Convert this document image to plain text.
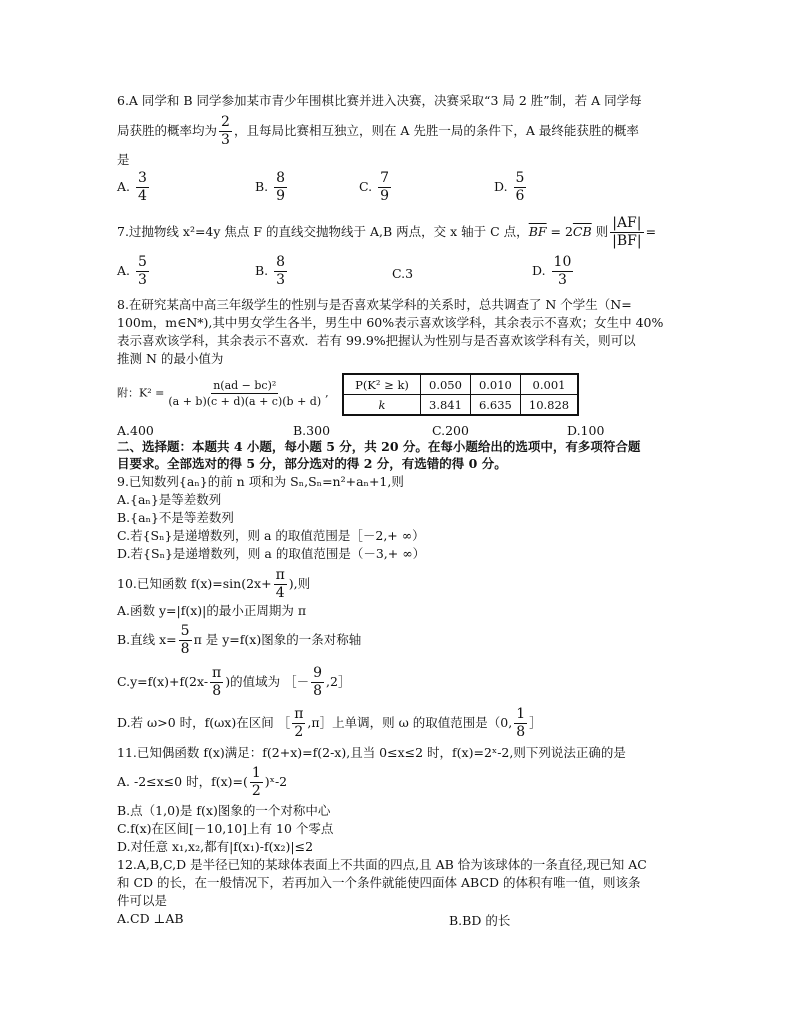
6.A 同学和 B 同学参加某市青少年围棋比赛并进入决赛，决赛采取“3 局 2 胜”制，若 A 同学每
局获胜的概率均为 $\frac{2}{3}$ ，且每局比赛相互独立，则在 A 先胜一局的条件下，A 最终能获胜的概率
是
A. $\frac{3}{4}$	B. $\frac{8}{9}$	C. $\frac{7}{9}$	D. $\frac{5}{6}$
7.过抛物线 x²=4y 焦点 F 的直线交抛物线于 A,B 两点，交 x 轴于 C 点，$\overline{BF} = 2\overline{CB}$ 则 $\frac{|AF|}{|BF|}$ =
A. $\frac{5}{3}$	B. $\frac{8}{3}$	C.3	D. $\frac{10}{3}$
8.在研究某高中高三年级学生的性别与是否喜欢某学科的关系时，总共调查了 N 个学生（N=
100m，m∈N*),其中男女学生各半，男生中 60%表示喜欢该学科，其余表示不喜欢；女生中 40%
表示喜欢该学科，其余表示不喜欢．若有 99.9%把握认为性别与是否喜欢该学科有关，则可以
推测 N 的最小值为
附：$K^2 = \frac{\text{n(ad − bc)²}}{(a + b)(c + d)(a + c)(b + d)}$ ,
P(K² ≥ k)	0.050	0.010	0.001
k	3.841	6.635	10.828
A.400	B.300	C.200	D.100
二、选择题：本题共 4 小题，每小题 5 分，共 20 分。在每小题给出的选项中，有多项符合题
目要求。全部选对的得 5 分，部分选对的得 2 分，有选错的得 0 分。
9.已知数列{aₙ}的前 n 项和为 Sₙ,Sₙ=n²+aₙ+1,则
A.{aₙ}是等差数列
B.{aₙ}不是等差数列
C.若{Sₙ}是递增数列，则 a 的取值范围是［－2,+ ∞）
D.若{Sₙ}是递增数列，则 a 的取值范围是（－3,+ ∞）
10.已知函数 $f(x)=\sin(2x+ \frac{\pi}{4}$ ),则
A.函数 y=|f(x)|的最小正周期为 π
B.直线 $x= \frac{5}{8}$ π 是 y=f(x)图象的一条对称轴
$C.y=f(x)+f(2x- \frac{\pi}{8}$ )的值域为 ［－ $\frac{9}{8}$ ,2］
D.若 ω>0 时，f(ωx)在区间 ［ $\frac{\pi}{2}$ ,π］上单调，则 ω 的取值范围是（0, $\frac{1}{8}$ ］
11.已知偶函数 f(x)满足：f(2+x)=f(2-x),且当 0≤x≤2 时，f(x)=2ˣ-2,则下列说法正确的是
A. -2≤x≤0 时，$f(x)=( \frac{1}{2}$ )ˣ-2
B.点（1,0)是 f(x)图象的一个对称中心
C.f(x)在区间[－10,10]上有 10 个零点
D.对任意 x₁,x₂,都有|f(x₁)-f(x₂)|≤2
12.A,B,C,D 是半径已知的某球体表面上不共面的四点,且 AB 恰为该球体的一条直径,现已知 AC
和 CD 的长，在一般情况下，若再加入一个条件就能使四面体 ABCD 的体积有唯一值，则该条
件可以是
A.CD ⊥AB	B.BD 的长
